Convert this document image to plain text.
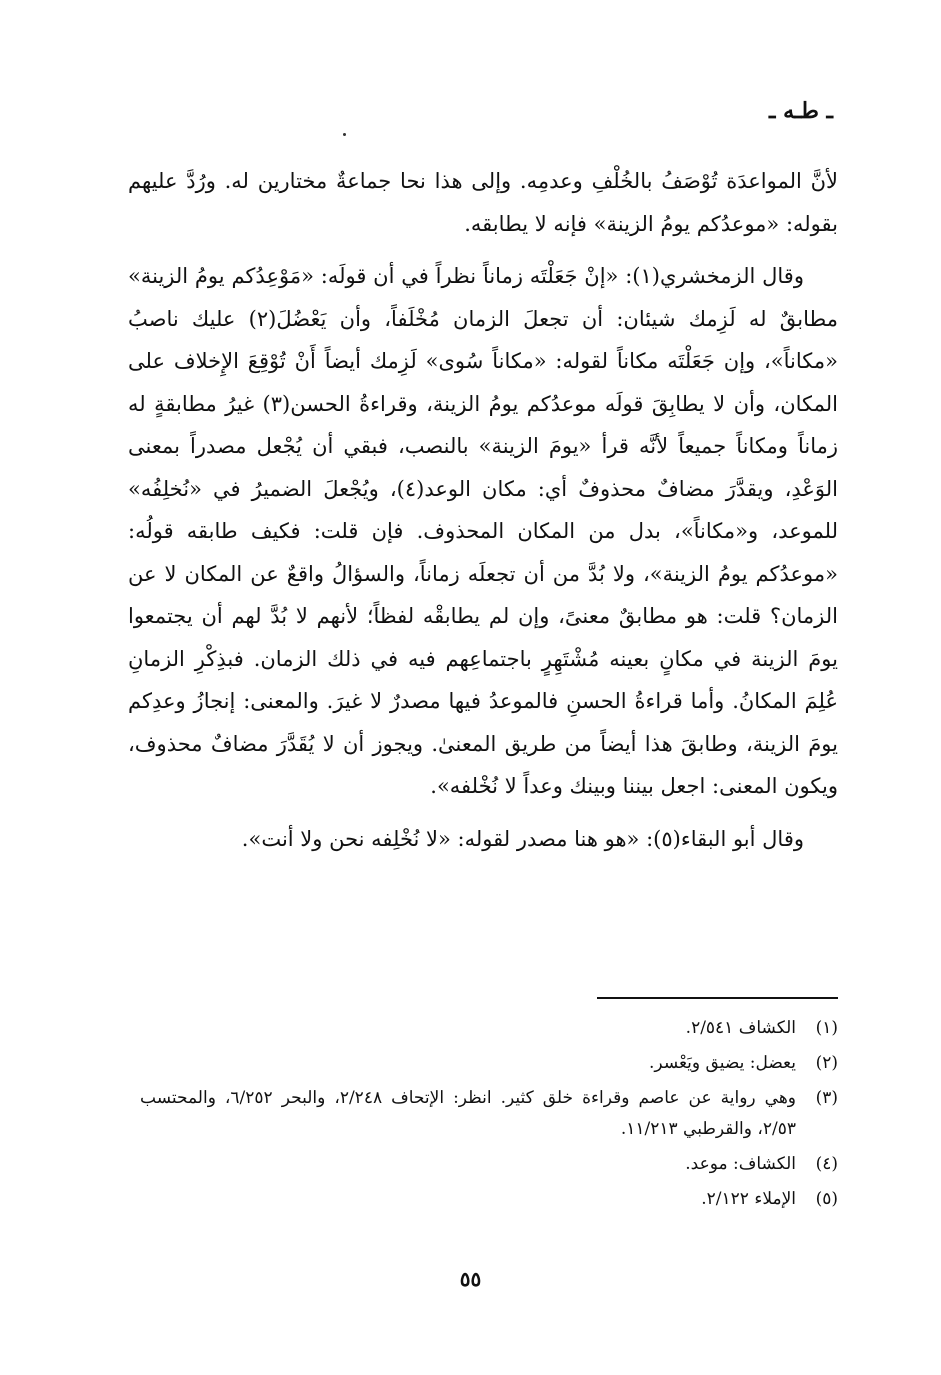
ـ طـه ـ

لأنَّ المواعدَة تُوْصَفُ بالخُلْفِ وعدمِه. وإلى هذا نحا جماعةٌ مختارين له. ورُدَّ عليهم بقوله: «موعدُكم يومُ الزينة» فإنه لا يطابقه.

وقال الزمخشري(١): «إنْ جَعَلْتَه زماناً نظراً في أن قولَه: «مَوْعِدُكم يومُ الزينة» مطابقٌ له لَزِمك شيئان: أن تجعلَ الزمان مُخْلَفاً، وأن يَعْضُلَ(٢) عليك ناصبُ «مكاناً»، وإن جَعَلْتَه مكاناً لقوله: «مكاناً سُوى» لَزِمك أيضاً أَنْ تُوْقِعَ الإِخلاف على المكان، وأن لا يطابِقَ قولَه موعدُكم يومُ الزينة، وقراءةُ الحسن(٣) غيرُ مطابقةٍ له زماناً ومكاناً جميعاً لأنَّه قرأ «يومَ الزينة» بالنصب، فبقي أن يُجْعل مصدراً بمعنى الوَعْدِ، ويقدَّرَ مضافٌ محذوفٌ أي: مكان الوعد(٤)، ويُجْعلَ الضميرُ في «نُخلِفُه» للموعد، و«مكاناً»، بدل من المكان المحذوف. فإن قلت: فكيف طابقه قولُه: «موعدُكم يومُ الزينة»، ولا بُدَّ من أن تجعلَه زماناً، والسؤالُ واقعٌ عن المكان لا عن الزمان؟ قلت: هو مطابقٌ معنىً، وإن لم يطابقْه لفظاً؛ لأنهم لا بُدَّ لهم أن يجتمعوا يومَ الزينة في مكانٍ بعينه مُشْتَهِرٍ باجتماعِهم فيه في ذلك الزمان. فبذِكْرِ الزمانِ عُلِمَ المكانُ. وأما قراءةُ الحسنِ فالموعدُ فيها مصدرٌ لا غيرَ. والمعنى: إنجازُ وعدِكم يومَ الزينة، وطابقَ هذا أيضاً من طريق المعنىٰ. ويجوز أن لا يُقَدَّرَ مضافٌ محذوف، ويكون المعنى: اجعل بيننا وبينك وعداً لا نُخْلفه».

وقال أبو البقاء(٥): «هو هنا مصدر لقوله: «لا نُخْلِفه نحن ولا أنت».

(١)
الكشاف ٢/٥٤١.
(٢)
يعضل: يضيق ويَعْسر.
(٣)
وهي رواية عن عاصم وقراءة خلق كثير. انظر: الإتحاف ٢/٢٤٨، والبحر ٦/٢٥٢، والمحتسب ٢/٥٣، والقرطبي ١١/٢١٣.
(٤)
الكشاف: موعد.
(٥)
الإملاء ٢/١٢٢.
٥٥
